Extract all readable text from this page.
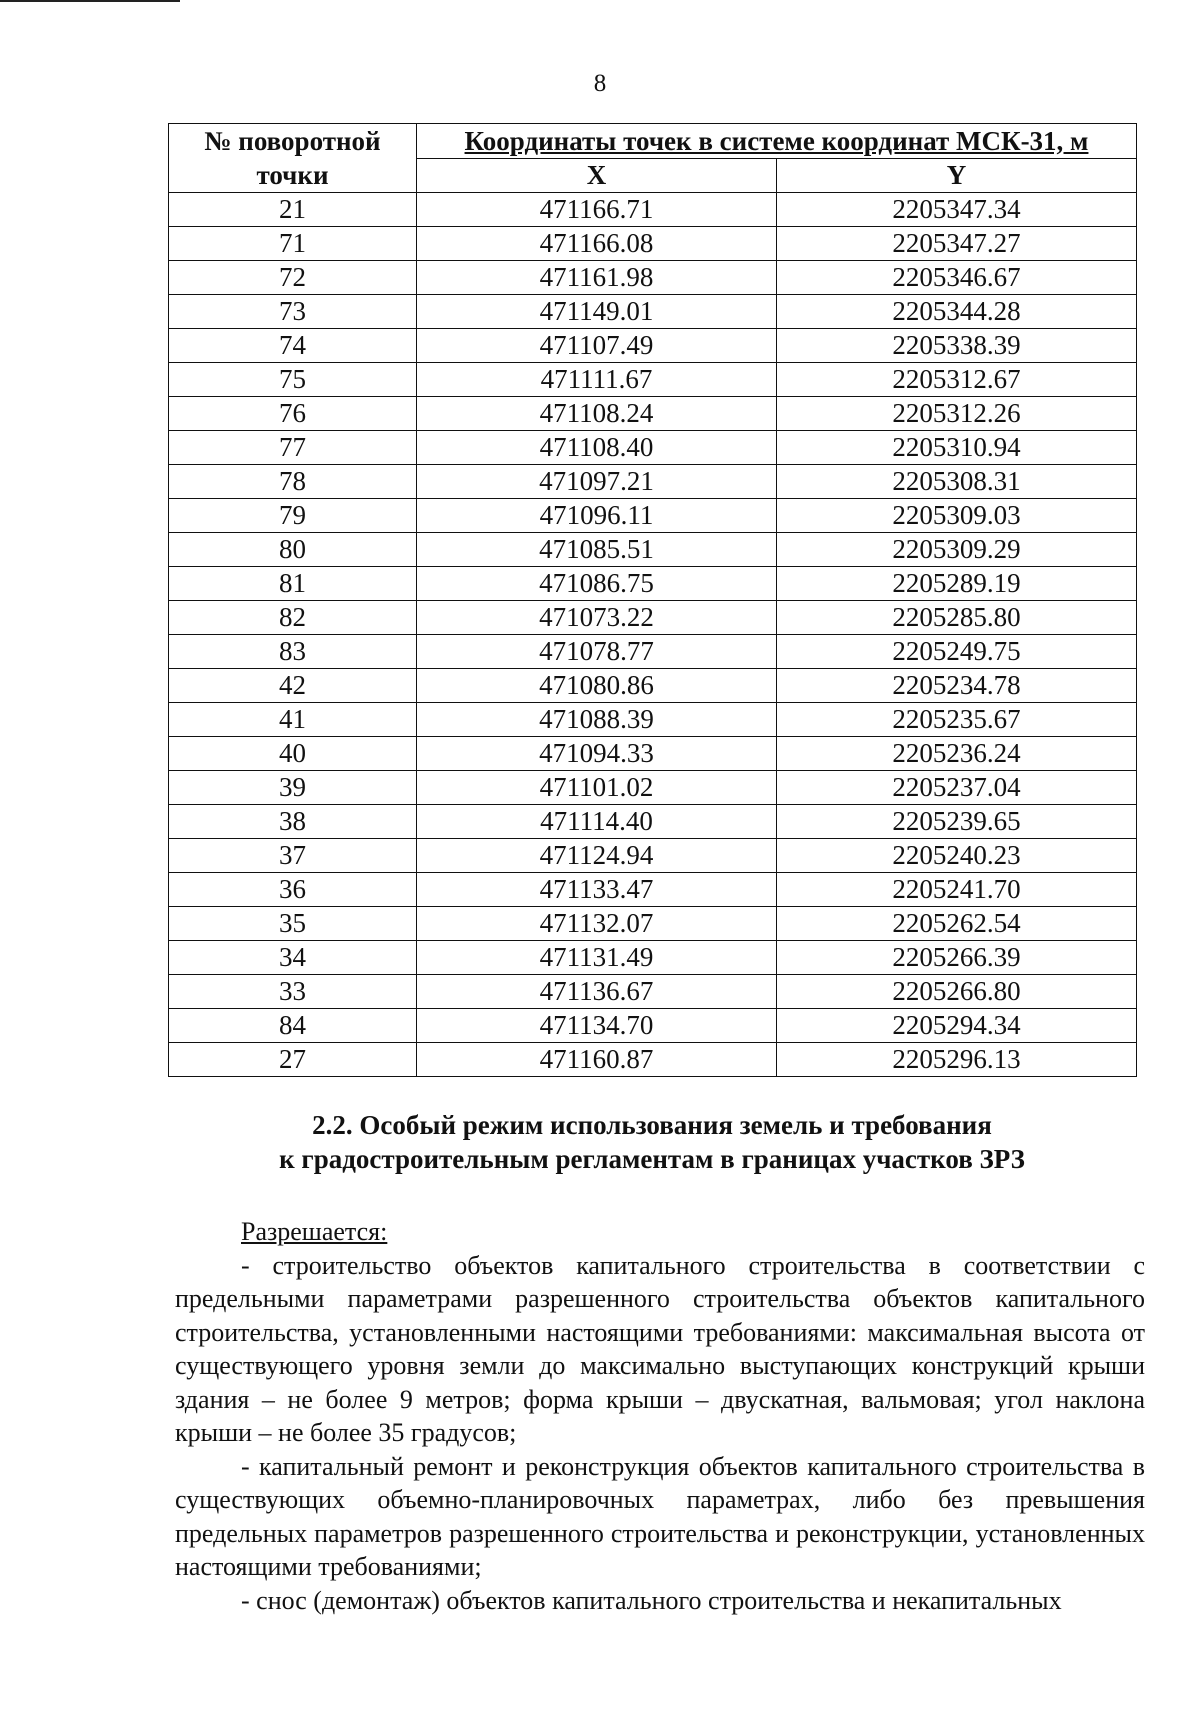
8
№ поворотной точки	Координаты точек в системе координат МСК-31, м	
	X	Y
21	471166.71	2205347.34
71	471166.08	2205347.27
72	471161.98	2205346.67
73	471149.01	2205344.28
74	471107.49	2205338.39
75	471111.67	2205312.67
76	471108.24	2205312.26
77	471108.40	2205310.94
78	471097.21	2205308.31
79	471096.11	2205309.03
80	471085.51	2205309.29
81	471086.75	2205289.19
82	471073.22	2205285.80
83	471078.77	2205249.75
42	471080.86	2205234.78
41	471088.39	2205235.67
40	471094.33	2205236.24
39	471101.02	2205237.04
38	471114.40	2205239.65
37	471124.94	2205240.23
36	471133.47	2205241.70
35	471132.07	2205262.54
34	471131.49	2205266.39
33	471136.67	2205266.80
84	471134.70	2205294.34
27	471160.87	2205296.13
2.2. Особый режим использования земель и требования
к градостроительным регламентам в границах участков ЗРЗ
Разрешается:

- строительство объектов капитального строительства в соответствии с предельными параметрами разрешенного строительства объектов капитального строительства, установленными настоящими требованиями: максимальная высота от существующего уровня земли до максимально выступающих конструкций крыши здания – не более 9 метров; форма крыши – двускатная, вальмовая; угол наклона крыши – не более 35 градусов;

- капитальный ремонт и реконструкция объектов капитального строительства в существующих объемно-планировочных параметрах, либо без превышения предельных параметров разрешенного строительства и реконструкции, установленных настоящими требованиями;

- снос (демонтаж) объектов капитального строительства и некапитальных
